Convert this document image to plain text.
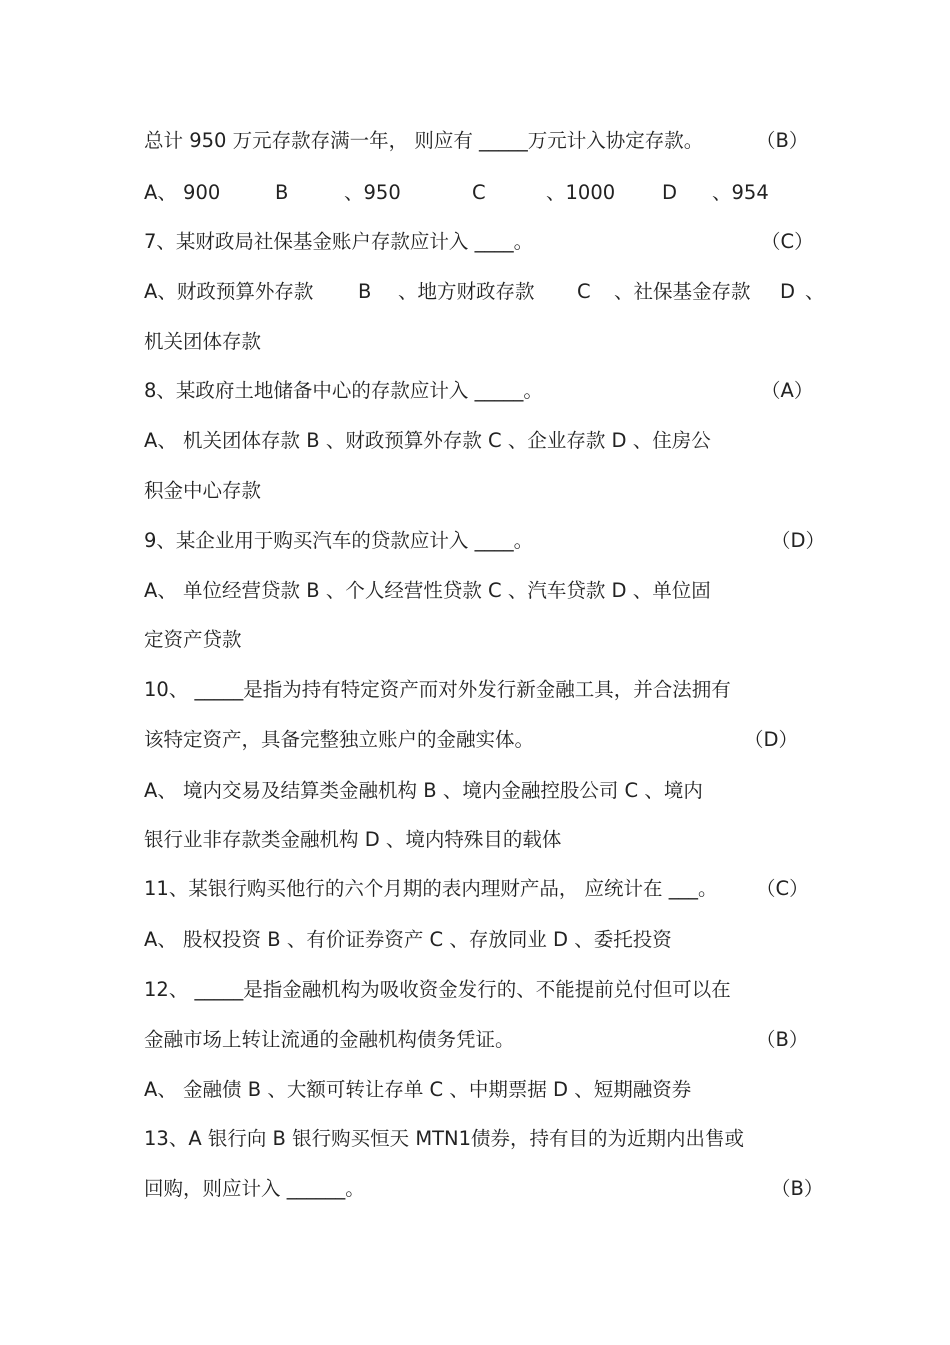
总计 950 万元存款存满一年， 则应有 _____万元计入协定存款。	（B）
A、 900	B	、950	C	、1000 D 、954
7、某财政局社保基金账户存款应计入 ____。	（C）
A、财政预算外存款 B 、地方财政存款 C 、社保基金存款 D 、
机关团体存款
8、某政府土地储备中心的存款应计入 _____。	（A）
A、 机关团体存款 B 、财政预算外存款 C 、企业存款 D 、住房公
积金中心存款
9、某企业用于购买汽车的贷款应计入 ____。	（D）
A、 单位经营贷款 B 、个人经营性贷款 C 、汽车贷款 D 、单位固
定资产贷款
10、 _____是指为持有特定资产而对外发行新金融工具，并合法拥有
该特定资产，具备完整独立账户的金融实体。	（D）
A、 境内交易及结算类金融机构 B 、境内金融控股公司 C 、境内
银行业非存款类金融机构 D 、境内特殊目的载体
11、某银行购买他行的六个月期的表内理财产品， 应统计在 ___。 （C）
A、 股权投资 B 、有价证券资产 C 、存放同业 D 、委托投资
12、 _____是指金融机构为吸收资金发行的、不能提前兑付但可以在
金融市场上转让流通的金融机构债务凭证。	（B）
A、 金融债 B 、大额可转让存单 C 、中期票据 D 、短期融资券
13、A 银行向 B 银行购买恒天 MTN1债券，持有目的为近期内出售或
回购，则应计入 ______。	（B）
